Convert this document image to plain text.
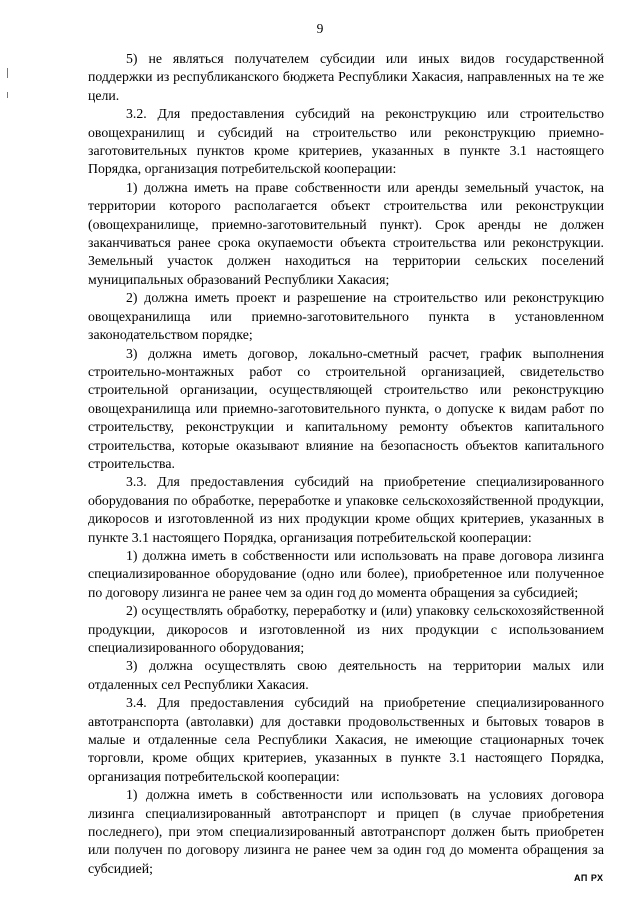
9

5) не являться получателем субсидии или иных видов государственной поддержки из республиканского бюджета Республики Хакасия, направленных на те же цели.

3.2. Для предоставления субсидий на реконструкцию или строительство овощехранилищ и субсидий на строительство или реконструкцию приемно-заготовительных пунктов кроме критериев, указанных в пункте 3.1 настоящего Порядка, организация потребительской кооперации:

1) должна иметь на праве собственности или аренды земельный участок, на территории которого располагается объект строительства или реконструкции (овощехранилище, приемно-заготовительный пункт). Срок аренды не должен заканчиваться ранее срока окупаемости объекта строительства или реконструкции. Земельный участок должен находиться на территории сельских поселений муниципальных образований Республики Хакасия;

2) должна иметь проект и разрешение на строительство или реконструкцию овощехранилища или приемно-заготовительного пункта в установленном законодательством порядке;

3) должна иметь договор, локально-сметный расчет, график выполнения строительно-монтажных работ со строительной организацией, свидетельство строительной организации, осуществляющей строительство или реконструкцию овощехранилища или приемно-заготовительного пункта, о допуске к видам работ по строительству, реконструкции и капитальному ремонту объектов капитального строительства, которые оказывают влияние на безопасность объектов капитального строительства.

3.3. Для предоставления субсидий на приобретение специализированного оборудования по обработке, переработке и упаковке сельскохозяйственной продукции, дикоросов и изготовленной из них продукции кроме общих критериев, указанных в пункте 3.1 настоящего Порядка, организация потребительской кооперации:

1) должна иметь в собственности или использовать на праве договора лизинга специализированное оборудование (одно или более), приобретенное или полученное по договору лизинга не ранее чем за один год до момента обращения за субсидией;

2) осуществлять обработку, переработку и (или) упаковку сельскохозяйственной продукции, дикоросов и изготовленной из них продукции с использованием специализированного оборудования;

3) должна осуществлять свою деятельность на территории малых или отдаленных сел Республики Хакасия.

3.4. Для предоставления субсидий на приобретение специализированного автотранспорта (автолавки) для доставки продовольственных и бытовых товаров в малые и отдаленные села Республики Хакасия, не имеющие стационарных точек торговли, кроме общих критериев, указанных в пункте 3.1 настоящего Порядка, организация потребительской кооперации:

1) должна иметь в собственности или использовать на условиях договора лизинга специализированный автотранспорт и прицеп (в случае приобретения последнего), при этом специализированный автотранспорт должен быть приобретен или получен по договору лизинга не ранее чем за один год до момента обращения за субсидией;

АП РХ
